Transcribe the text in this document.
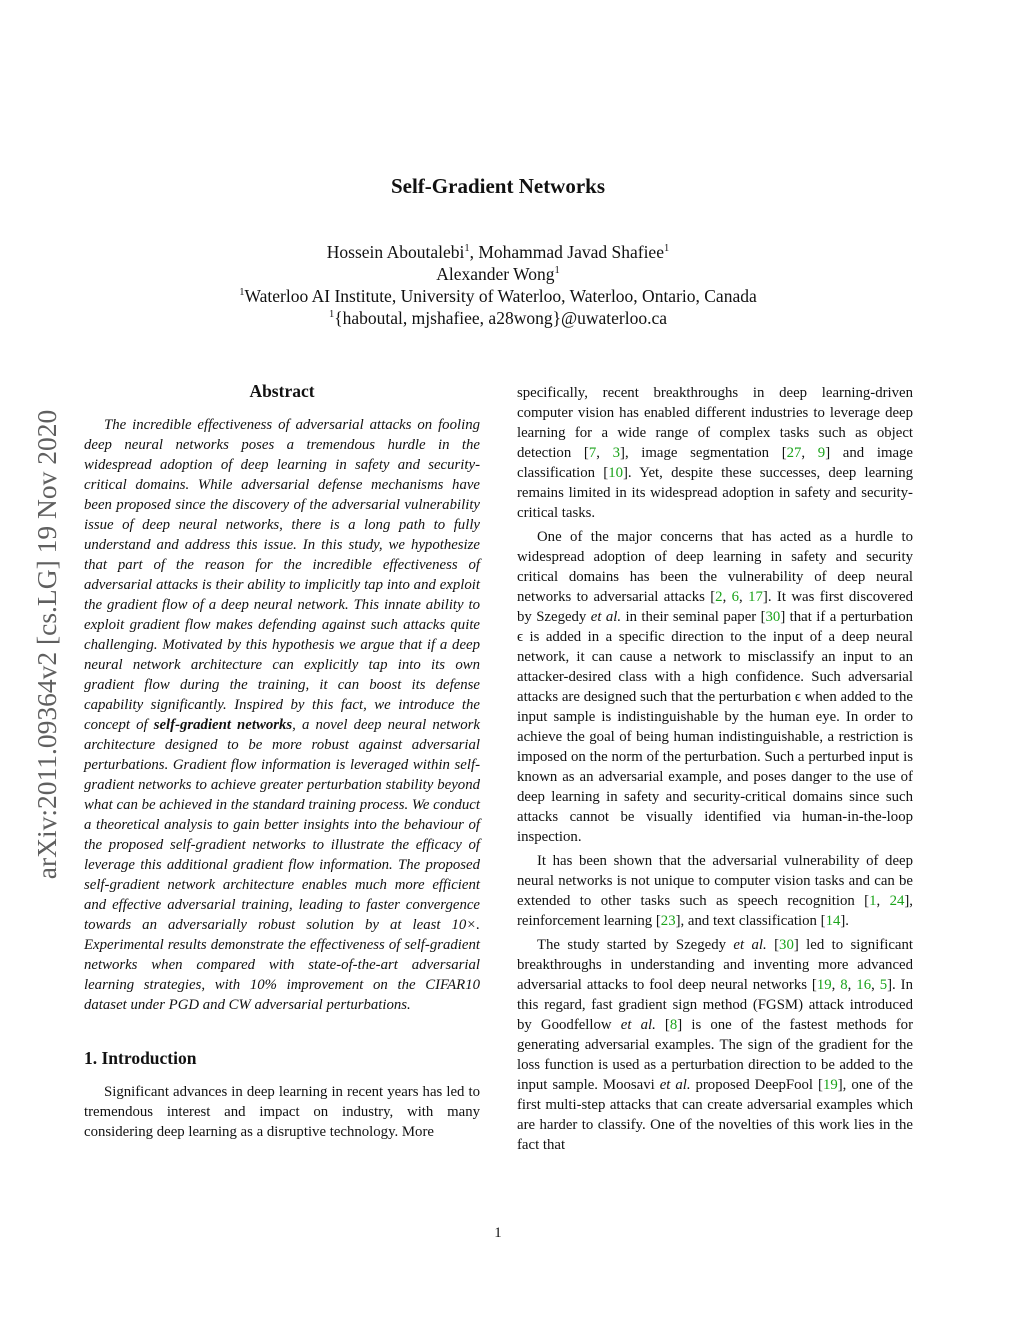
arXiv:2011.09364v2 [cs.LG] 19 Nov 2020
Self-Gradient Networks
Hossein Aboutalebi$^1$, Mohammad Javad Shafiee$^1$
Alexander Wong$^1$
$^1$Waterloo AI Institute, University of Waterloo, Waterloo, Ontario, Canada
$^1${haboutal, mjshafiee, a28wong}@uwaterloo.ca
Abstract

The incredible effectiveness of adversarial attacks on fooling deep neural networks poses a tremendous hurdle in the widespread adoption of deep learning in safety and security-critical domains. While adversarial defense mechanisms have been proposed since the discovery of the adversarial vulnerability issue of deep neural networks, there is a long path to fully understand and address this issue. In this study, we hypothesize that part of the reason for the incredible effectiveness of adversarial attacks is their ability to implicitly tap into and exploit the gradient flow of a deep neural network. This innate ability to exploit gradient flow makes defending against such attacks quite challenging. Motivated by this hypothesis we argue that if a deep neural network architecture can explicitly tap into its own gradient flow during the training, it can boost its defense capability significantly. Inspired by this fact, we introduce the concept of self-gradient networks, a novel deep neural network architecture designed to be more robust against adversarial perturbations. Gradient flow information is leveraged within self-gradient networks to achieve greater perturbation stability beyond what can be achieved in the standard training process. We conduct a theoretical analysis to gain better insights into the behaviour of the proposed self-gradient networks to illustrate the efficacy of leverage this additional gradient flow information. The proposed self-gradient network architecture enables much more efficient and effective adversarial training, leading to faster convergence towards an adversarially robust solution by at least 10×. Experimental results demonstrate the effectiveness of self-gradient networks when compared with state-of-the-art adversarial learning strategies, with 10% improvement on the CIFAR10 dataset under PGD and CW adversarial perturbations.

1. Introduction

Significant advances in deep learning in recent years has led to tremendous interest and impact on industry, with many considering deep learning as a disruptive technology. More

specifically, recent breakthroughs in deep learning-driven computer vision has enabled different industries to leverage deep learning for a wide range of complex tasks such as object detection [7, 3], image segmentation [27, 9] and image classification [10]. Yet, despite these successes, deep learning remains limited in its widespread adoption in safety and security-critical tasks.

One of the major concerns that has acted as a hurdle to widespread adoption of deep learning in safety and security critical domains has been the vulnerability of deep neural networks to adversarial attacks [2, 6, 17]. It was first discovered by Szegedy et al. in their seminal paper [30] that if a perturbation ϵ is added in a specific direction to the input of a deep neural network, it can cause a network to misclassify an input to an attacker-desired class with a high confidence. Such adversarial attacks are designed such that the perturbation ϵ when added to the input sample is indistinguishable by the human eye. In order to achieve the goal of being human indistinguishable, a restriction is imposed on the norm of the perturbation. Such a perturbed input is known as an adversarial example, and poses danger to the use of deep learning in safety and security-critical domains since such attacks cannot be visually identified via human-in-the-loop inspection.

It has been shown that the adversarial vulnerability of deep neural networks is not unique to computer vision tasks and can be extended to other tasks such as speech recognition [1, 24], reinforcement learning [23], and text classification [14].

The study started by Szegedy et al. [30] led to significant breakthroughs in understanding and inventing more advanced adversarial attacks to fool deep neural networks [19, 8, 16, 5]. In this regard, fast gradient sign method (FGSM) attack introduced by Goodfellow et al. [8] is one of the fastest methods for generating adversarial examples. The sign of the gradient for the loss function is used as a perturbation direction to be added to the input sample. Moosavi et al. proposed DeepFool [19], one of the first multi-step attacks that can create adversarial examples which are harder to classify. One of the novelties of this work lies in the fact that

1
